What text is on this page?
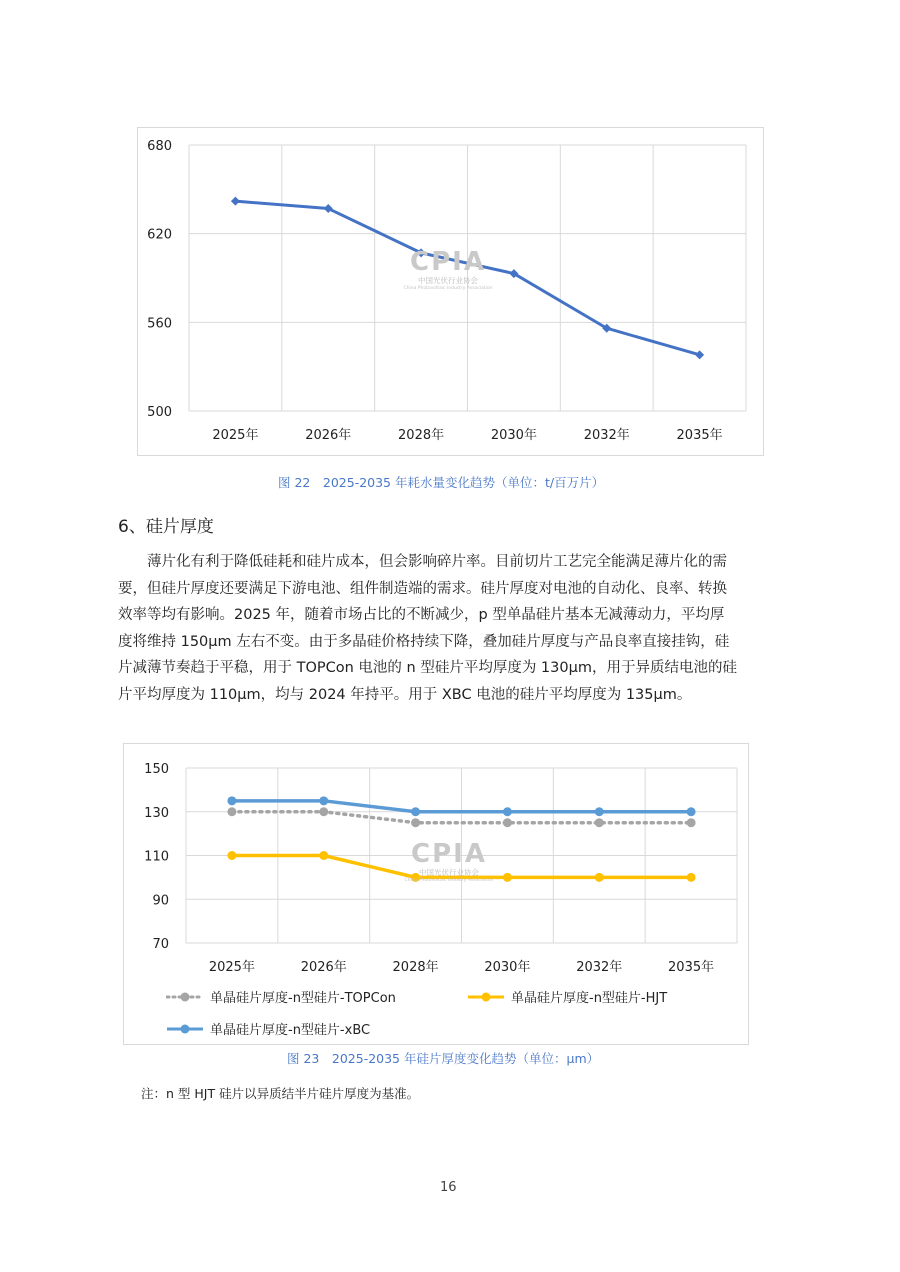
500
560
620
680
2025年	2026年	2028年	2030年	2032年	2035年
CPIA
中国光伏行业协会
China Photovoltaic Industry Association
图 22　2025-2035 年耗水量变化趋势（单位：t/百万片）
6、硅片厚度

　　薄片化有利于降低硅耗和硅片成本，但会影响碎片率。目前切片工艺完全能满足薄片化的需

要，但硅片厚度还要满足下游电池、组件制造端的需求。硅片厚度对电池的自动化、良率、转换

效率等均有影响。2025 年，随着市场占比的不断减少，p 型单晶硅片基本无减薄动力，平均厚

度将维持 150μm 左右不变。由于多晶硅价格持续下降，叠加硅片厚度与产品良率直接挂钩，硅

片减薄节奏趋于平稳，用于 TOPCon 电池的 n 型硅片平均厚度为 130μm，用于异质结电池的硅

片平均厚度为 110μm，均与 2024 年持平。用于 XBC 电池的硅片平均厚度为 135μm。

70
90
110
130
150
2025年	2026年	2028年	2030年	2032年	2035年
CPIA
中国光伏行业协会
China Photovoltaic Industry Association
单晶硅片厚度-n型硅片-TOPCon	单晶硅片厚度-n型硅片-HJT
单晶硅片厚度-n型硅片-xBC
图 23　2025-2035 年硅片厚度变化趋势（单位：μm）
注：n 型 HJT 硅片以异质结半片硅片厚度为基准。
16
